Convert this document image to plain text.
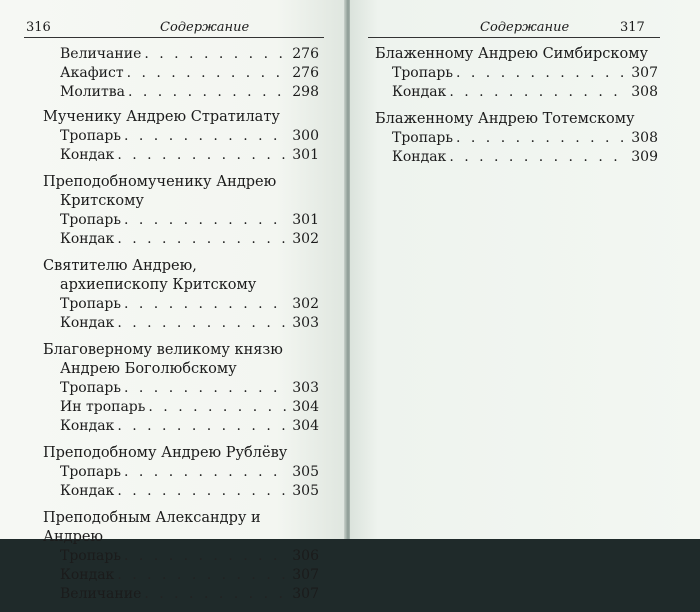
316	Содержание
Величание . . .	276
Акафист . . .	276
Молитва . . .	298
Мученику Андрею Стратилату
Тропарь . . .	300
Кондак . . .	301
Преподобномученику Андрею
Критскому
Тропарь . . .	301
Кондак . . .	302
Святителю Андрею,
архиепископу Критскому
Тропарь . . .	302
Кондак . . .	303
Благоверному великому князю
Андрею Боголюбскому
Тропарь . . .	303
Ин тропарь . . .	304
Кондак . . .	304
Преподобному Андрею Рублёву
Тропарь . . .	305
Кондак . . .	305
Преподобным Александру и Андрею
Тропарь . . .	306
Кондак . . .	307
Величание . . .	307
Содержание	317
Блаженному Андрею Симбирскому
Тропарь . . .	307
Кондак . . .	308
Блаженному Андрею Тотемскому
Тропарь . . .	308
Кондак . . .	309
